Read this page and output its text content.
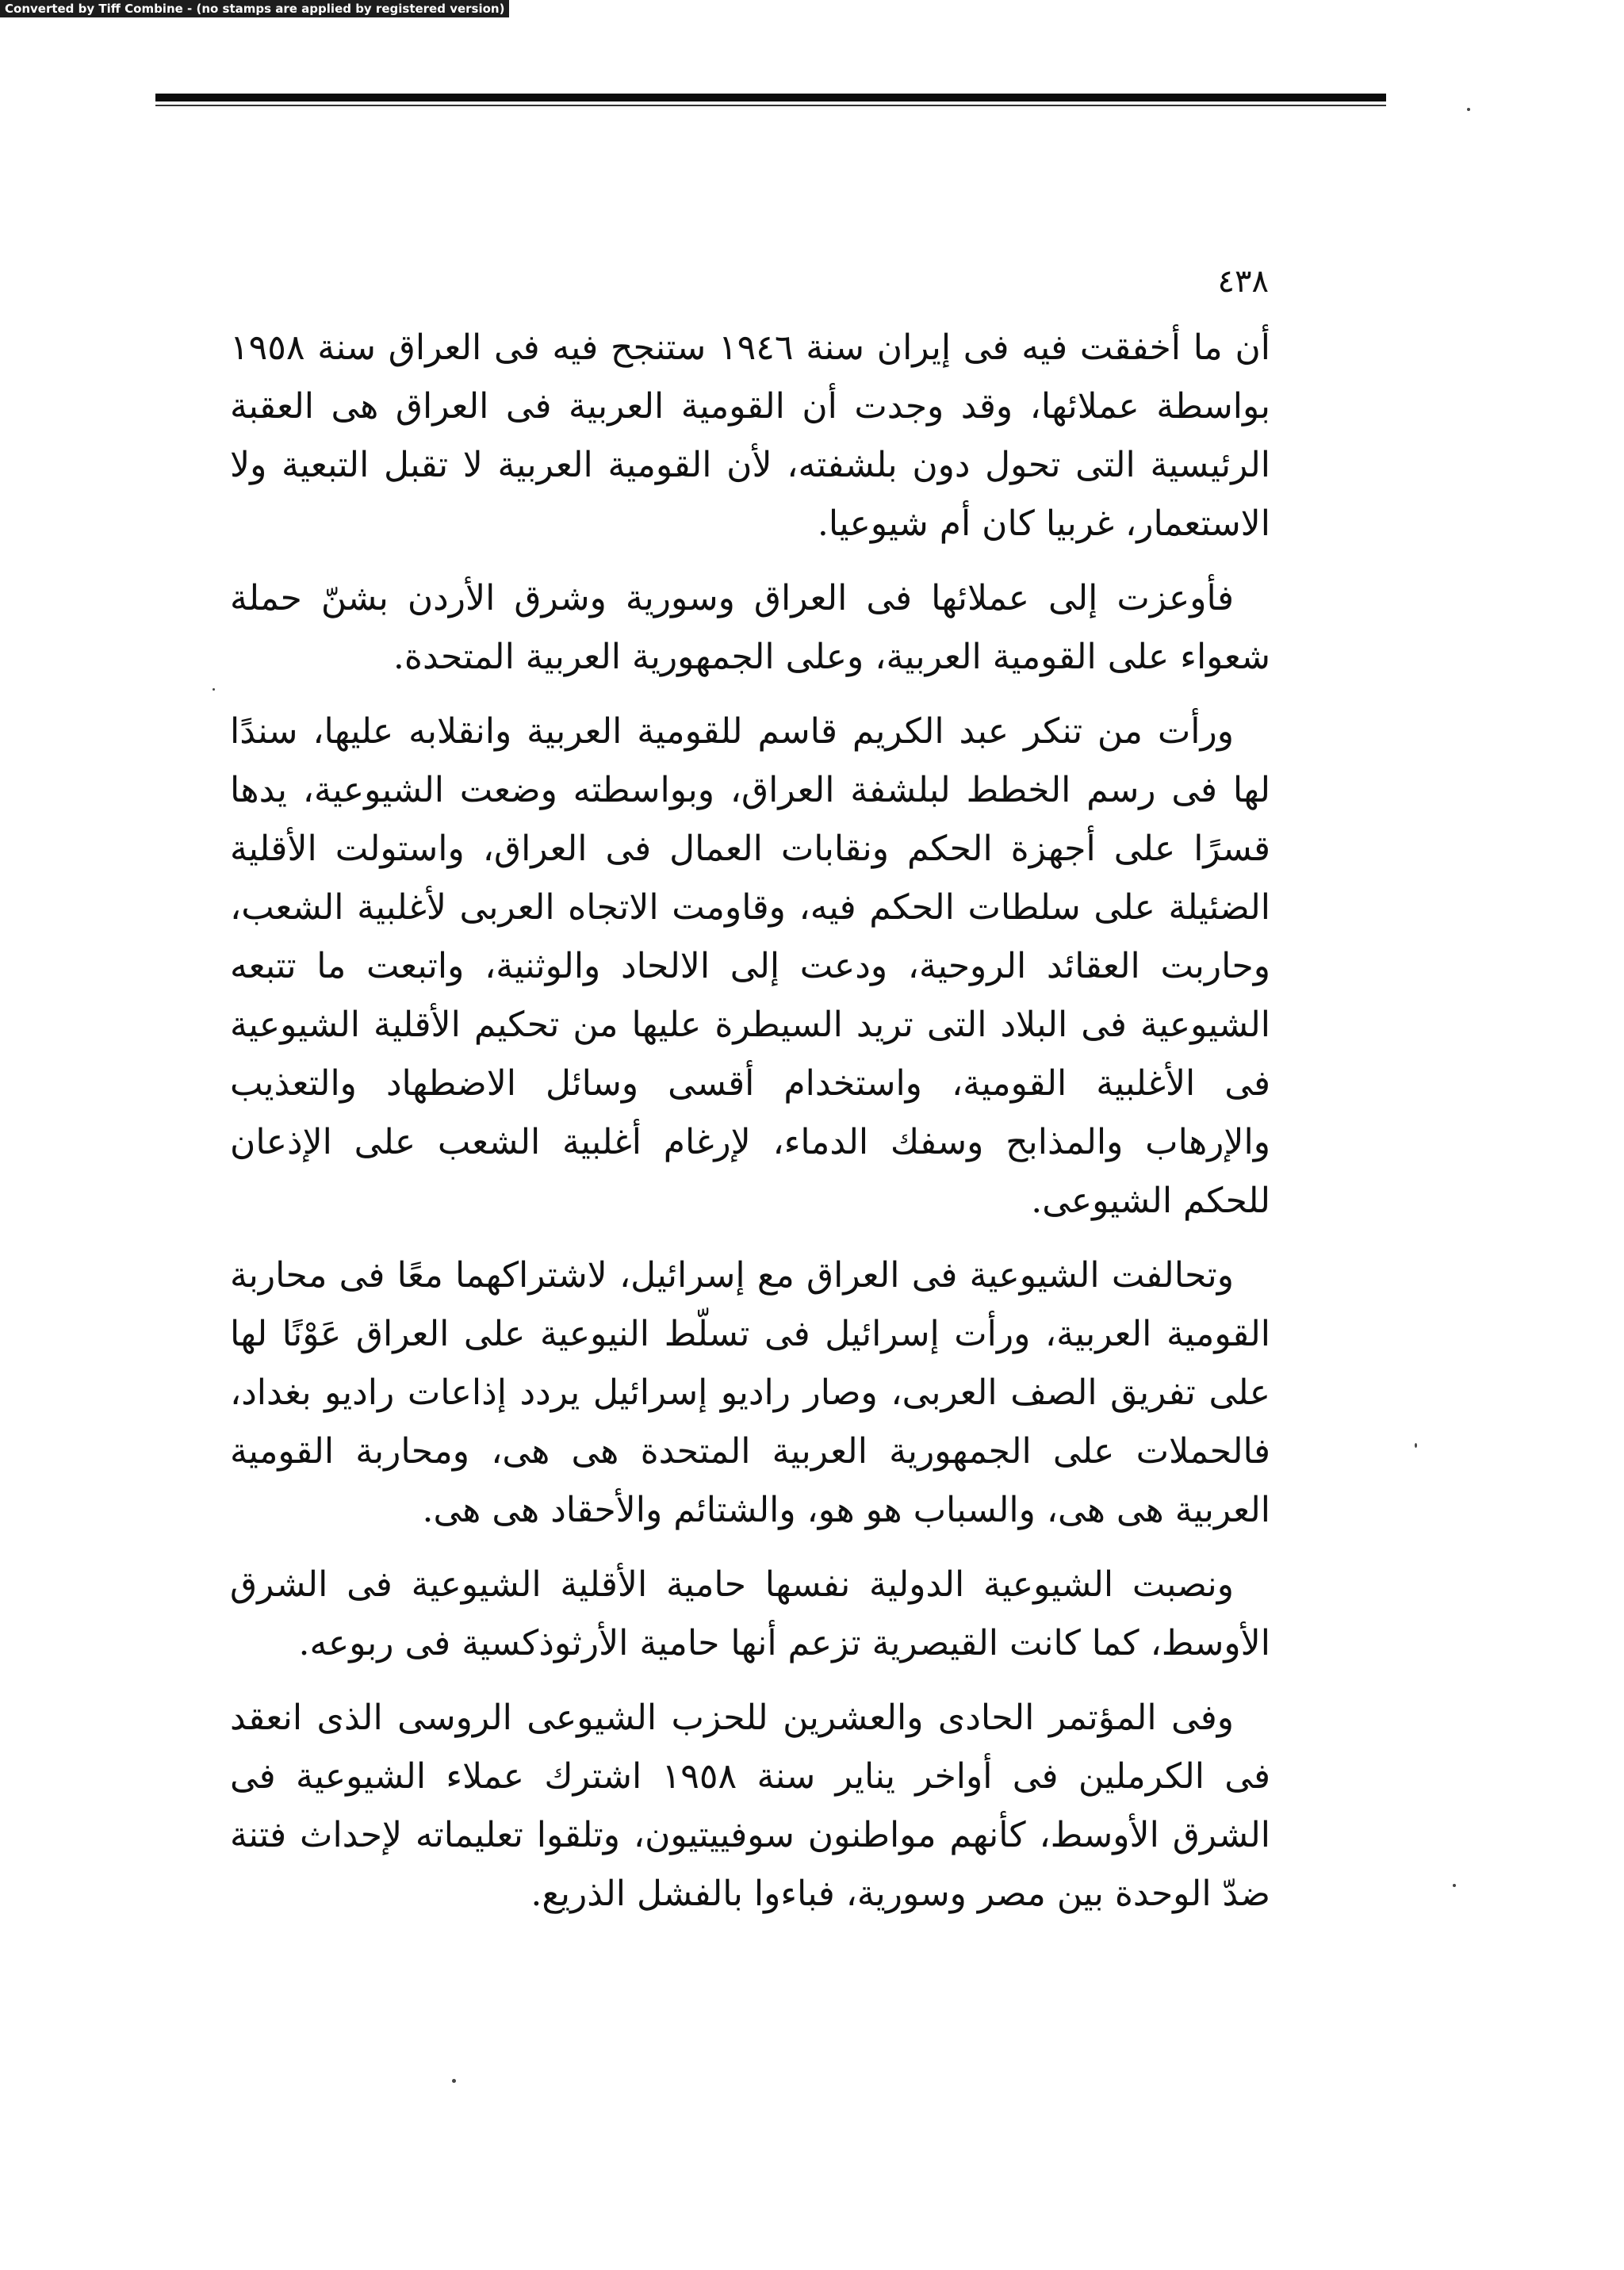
Converted by Tiff Combine - (no stamps are applied by registered version)
٤٣٨

أن ما أخفقت فيه فى إيران سنة ١٩٤٦ ستنجح فيه فى العراق سنة ١٩٥٨ بواسطة عملائها، وقد وجدت أن القومية العربية فى العراق هى العقبة الرئيسية التى تحول دون بلشفته، لأن القومية العربية لا تقبل التبعية ولا الاستعمار، غربيا كان أم شيوعيا.

فأوعزت إلى عملائها فى العراق وسورية وشرق الأردن بشنّ حملة شعواء على القومية العربية، وعلى الجمهورية العربية المتحدة.

ورأت من تنكر عبد الكريم قاسم للقومية العربية وانقلابه عليها، سندًا لها فى رسم الخطط لبلشفة العراق، وبواسطته وضعت الشيوعية، يدها قسرًا على أجهزة الحكم ونقابات العمال فى العراق، واستولت الأقلية الضئيلة على سلطات الحكم فيه، وقاومت الاتجاه العربى لأغلبية الشعب، وحاربت العقائد الروحية، ودعت إلى الالحاد والوثنية، واتبعت ما تتبعه الشيوعية فى البلاد التى تريد السيطرة عليها من تحكيم الأقلية الشيوعية فى الأغلبية القومية، واستخدام أقسى وسائل الاضطهاد والتعذيب والإرهاب والمذابح وسفك الدماء، لإرغام أغلبية الشعب على الإذعان للحكم الشيوعى.

وتحالفت الشيوعية فى العراق مع إسرائيل، لاشتراكهما معًا فى محاربة القومية العربية، ورأت إسرائيل فى تسلّط النيوعية على العراق عَوْنًا لها على تفريق الصف العربى، وصار راديو إسرائيل يردد إذاعات راديو بغداد، فالحملات على الجمهورية العربية المتحدة هى هى، ومحاربة القومية العربية هى هى، والسباب هو هو، والشتائم والأحقاد هى هى.

ونصبت الشيوعية الدولية نفسها حامية الأقلية الشيوعية فى الشرق الأوسط، كما كانت القيصرية تزعم أنها حامية الأرثوذكسية فى ربوعه.

وفى المؤتمر الحادى والعشرين للحزب الشيوعى الروسى الذى انعقد فى الكرملين فى أواخر يناير سنة ١٩٥٨ اشترك عملاء الشيوعية فى الشرق الأوسط، كأنهم مواطنون سوفييتيون، وتلقوا تعليماته لإحداث فتنة ضدّ الوحدة بين مصر وسورية، فباءوا بالفشل الذريع.
